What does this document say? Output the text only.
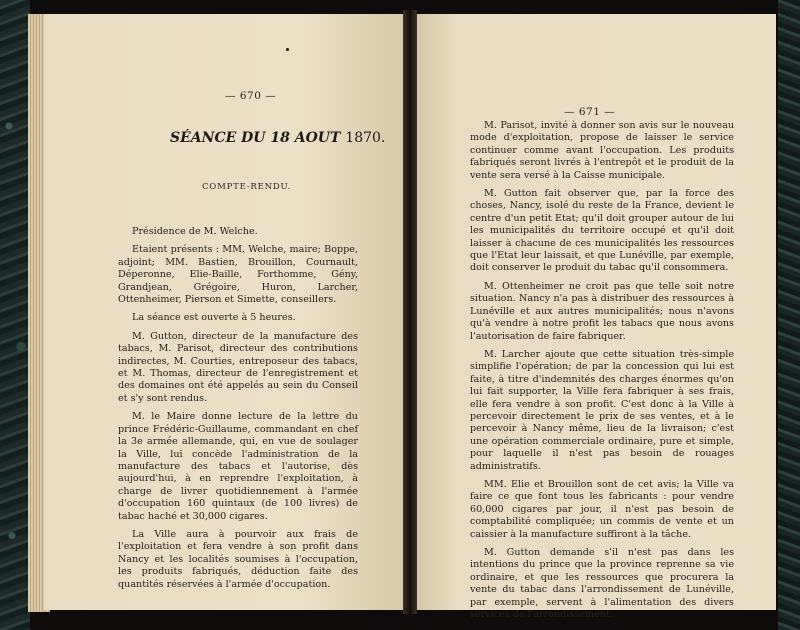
— 670 —
SÉANCE DU 18 AOUT 1870.
COMPTE-RENDU.

Présidence de M. Welche.

Etaient présents : MM. Welche, maire; Boppe, adjoint; MM. Bastien, Brouillon, Cournault, Déperonne, Elie-Baille, Forthomme, Gény, Grandjean, Grégoire, Huron, Larcher, Ottenheimer, Pierson et Simette, conseillers.

La séance est ouverte à 5 heures.

M. Gutton, directeur de la manufacture des tabacs, M. Parisot, directeur des contributions indirectes, M. Courties, entreposeur des tabacs, et M. Thomas, directeur de l'enregistrement et des domaines ont été appelés au sein du Conseil et s'y sont rendus.

M. le Maire donne lecture de la lettre du prince Frédéric-Guillaume, commandant en chef la 3e armée allemande, qui, en vue de soulager la Ville, lui concède l'administration de la manufacture des tabacs et l'autorise, dès aujourd'hui, à en reprendre l'exploitation, à charge de livrer quotidiennement à l'armée d'occupation 160 quintaux (de 100 livres) de tabac haché et 30,000 cigares.

La Ville aura à pourvoir aux frais de l'exploitation et fera vendre à son profit dans Nancy et les localités soumises à l'occupation, les produits fabriqués, déduction faite des quantités réservées à l'armée d'occupation.

— 671 —

M. Parisot, invité à donner son avis sur le nouveau mode d'exploitation, propose de laisser le service continuer comme avant l'occupation. Les produits fabriqués seront livrés à l'entrepôt et le produit de la vente sera versé à la Caisse municipale.

M. Gutton fait observer que, par la force des choses, Nancy, isolé du reste de la France, devient le centre d'un petit Etat; qu'il doit grouper autour de lui les municipalités du territoire occupé et qu'il doit laisser à chacune de ces municipalités les ressources que l'Etat leur laissait, et que Lunéville, par exemple, doit conserver le produit du tabac qu'il consommera.

M. Ottenheimer ne croit pas que telle soit notre situation. Nancy n'a pas à distribuer des ressources à Lunéville et aux autres municipalités; nous n'avons qu'à vendre à notre profit les tabacs que nous avons l'autorisation de faire fabriquer.

M. Larcher ajoute que cette situation très-simple simplifie l'opération; de par la concession qui lui est faite, à titre d'indemnités des charges énormes qu'on lui fait supporter, la Ville fera fabriquer à ses frais, elle fera vendre à son profit. C'est donc à la Ville à percevoir directement le prix de ses ventes, et à le percevoir à Nancy même, lieu de la livraison; c'est une opération commerciale ordinaire, pure et simple, pour laquelle il n'est pas besoin de rouages administratifs.

MM. Elie et Brouillon sont de cet avis; la Ville va faire ce que font tous les fabricants : pour vendre 60,000 cigares par jour, il n'est pas besoin de comptabilité compliquée; un commis de vente et un caissier à la manufacture suffiront à la tâche.

M. Gutton demande s'il n'est pas dans les intentions du prince que la province reprenne sa vie ordinaire, et que les ressources que procurera la vente du tabac dans l'arrondissement de Lunéville, par exemple, servent à l'alimentation des divers services de l'arrondissement.
